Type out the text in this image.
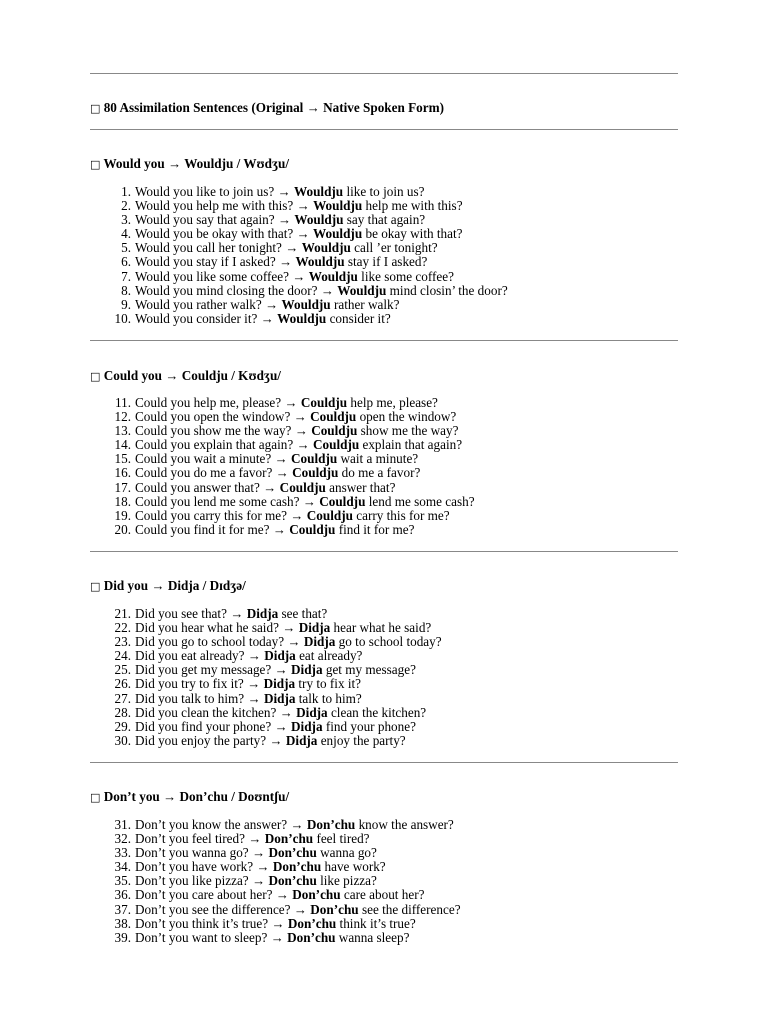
□ 80 Assimilation Sentences (Original → Native Spoken Form)
□ Would you → Wouldju / Wʊdʒu/
1. Would you like to join us? → Wouldju like to join us?
2. Would you help me with this? → Wouldju help me with this?
3. Would you say that again? → Wouldju say that again?
4. Would you be okay with that? → Wouldju be okay with that?
5. Would you call her tonight? → Wouldju call ’er tonight?
6. Would you stay if I asked? → Wouldju stay if I asked?
7. Would you like some coffee? → Wouldju like some coffee?
8. Would you mind closing the door? → Wouldju mind closin’ the door?
9. Would you rather walk? → Wouldju rather walk?
10. Would you consider it? → Wouldju consider it?
□ Could you → Couldju / Kʊdʒu/
11. Could you help me, please? → Couldju help me, please?
12. Could you open the window? → Couldju open the window?
13. Could you show me the way? → Couldju show me the way?
14. Could you explain that again? → Couldju explain that again?
15. Could you wait a minute? → Couldju wait a minute?
16. Could you do me a favor? → Couldju do me a favor?
17. Could you answer that? → Couldju answer that?
18. Could you lend me some cash? → Couldju lend me some cash?
19. Could you carry this for me? → Couldju carry this for me?
20. Could you find it for me? → Couldju find it for me?
□ Did you → Didja / Dɪdʒə/
21. Did you see that? → Didja see that?
22. Did you hear what he said? → Didja hear what he said?
23. Did you go to school today? → Didja go to school today?
24. Did you eat already? → Didja eat already?
25. Did you get my message? → Didja get my message?
26. Did you try to fix it? → Didja try to fix it?
27. Did you talk to him? → Didja talk to him?
28. Did you clean the kitchen? → Didja clean the kitchen?
29. Did you find your phone? → Didja find your phone?
30. Did you enjoy the party? → Didja enjoy the party?
□ Don’t you → Don’chu / Doʊntʃu/
31. Don’t you know the answer? → Don’chu know the answer?
32. Don’t you feel tired? → Don’chu feel tired?
33. Don’t you wanna go? → Don’chu wanna go?
34. Don’t you have work? → Don’chu have work?
35. Don’t you like pizza? → Don’chu like pizza?
36. Don’t you care about her? → Don’chu care about her?
37. Don’t you see the difference? → Don’chu see the difference?
38. Don’t you think it’s true? → Don’chu think it’s true?
39. Don’t you want to sleep? → Don’chu wanna sleep?
